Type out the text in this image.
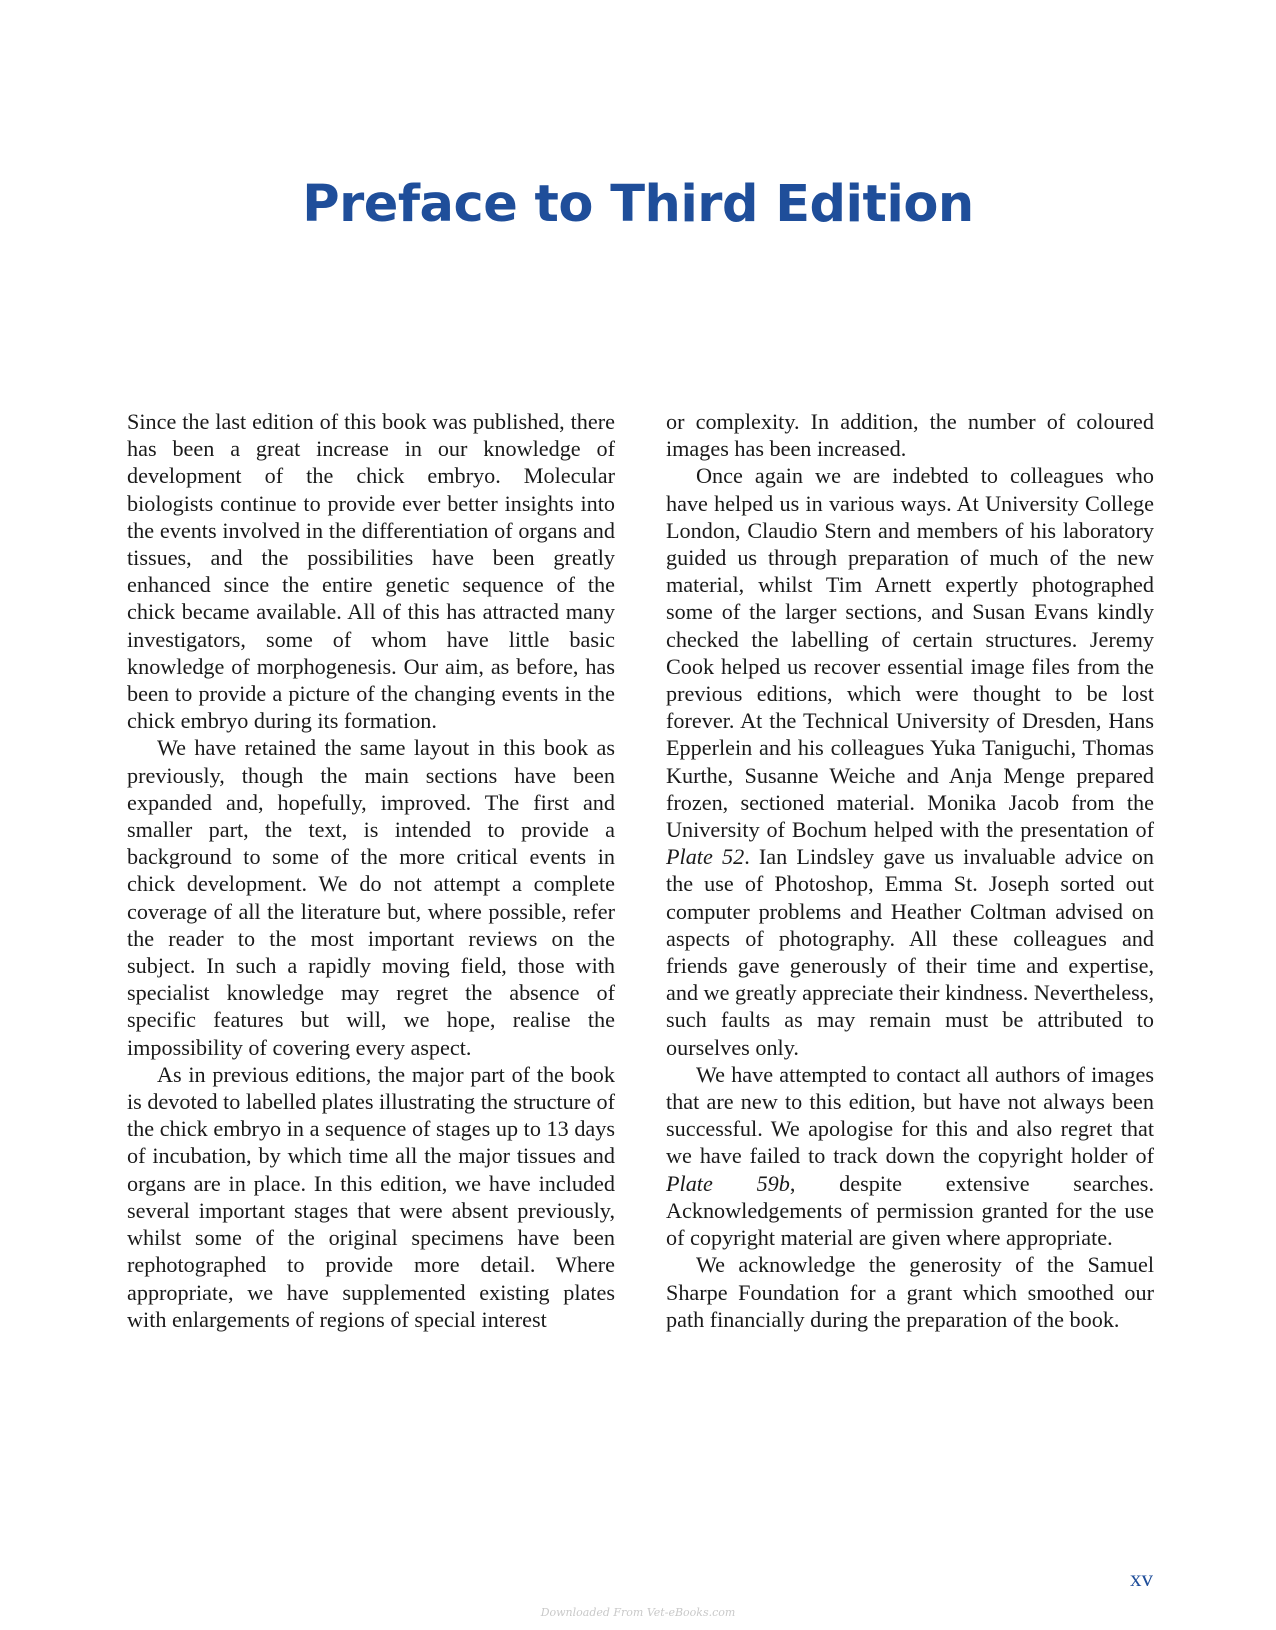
Preface to Third Edition

Since the last edition of this book was published, there has been a great increase in our knowledge of development of the chick embryo. Molecular biologists continue to provide ever better insights into the events involved in the differentiation of organs and tissues, and the possibilities have been greatly enhanced since the entire genetic sequence of the chick became available. All of this has attracted many investigators, some of whom have little basic knowledge of morphogenesis. Our aim, as before, has been to provide a picture of the changing events in the chick embryo during its formation.

We have retained the same layout in this book as previously, though the main sections have been expanded and, hopefully, improved. The first and smaller part, the text, is intended to provide a background to some of the more critical events in chick development. We do not attempt a complete coverage of all the literature but, where possible, refer the reader to the most important reviews on the subject. In such a rapidly moving field, those with specialist knowledge may regret the absence of specific features but will, we hope, realise the impossibility of covering every aspect.

As in previous editions, the major part of the book is devoted to labelled plates illustrating the structure of the chick embryo in a sequence of stages up to 13 days of incubation, by which time all the major tissues and organs are in place. In this edition, we have included several important stages that were absent previously, whilst some of the original specimens have been rephotographed to provide more detail. Where appropriate, we have supplemented existing plates with enlargements of regions of special interest

or complexity. In addition, the number of coloured images has been increased.

Once again we are indebted to colleagues who have helped us in various ways. At University College London, Claudio Stern and members of his laboratory guided us through preparation of much of the new material, whilst Tim Arnett expertly photographed some of the larger sections, and Susan Evans kindly checked the labelling of certain structures. Jeremy Cook helped us recover essential image files from the previous editions, which were thought to be lost forever. At the Technical University of Dresden, Hans Epperlein and his colleagues Yuka Taniguchi, Thomas Kurthe, Susanne Weiche and Anja Menge prepared frozen, sectioned material. Monika Jacob from the University of Bochum helped with the presentation of Plate 52. Ian Lindsley gave us invaluable advice on the use of Photoshop, Emma St. Joseph sorted out computer problems and Heather Coltman advised on aspects of photography. All these colleagues and friends gave generously of their time and expertise, and we greatly appreciate their kindness. Nevertheless, such faults as may remain must be attributed to ourselves only.

We have attempted to contact all authors of images that are new to this edition, but have not always been successful. We apologise for this and also regret that we have failed to track down the copyright holder of Plate 59b, despite extensive searches. Acknowledgements of permission granted for the use of copyright material are given where appropriate.

We acknowledge the generosity of the Samuel Sharpe Foundation for a grant which smoothed our path financially during the preparation of the book.

xv
Downloaded From Vet-eBooks.com
